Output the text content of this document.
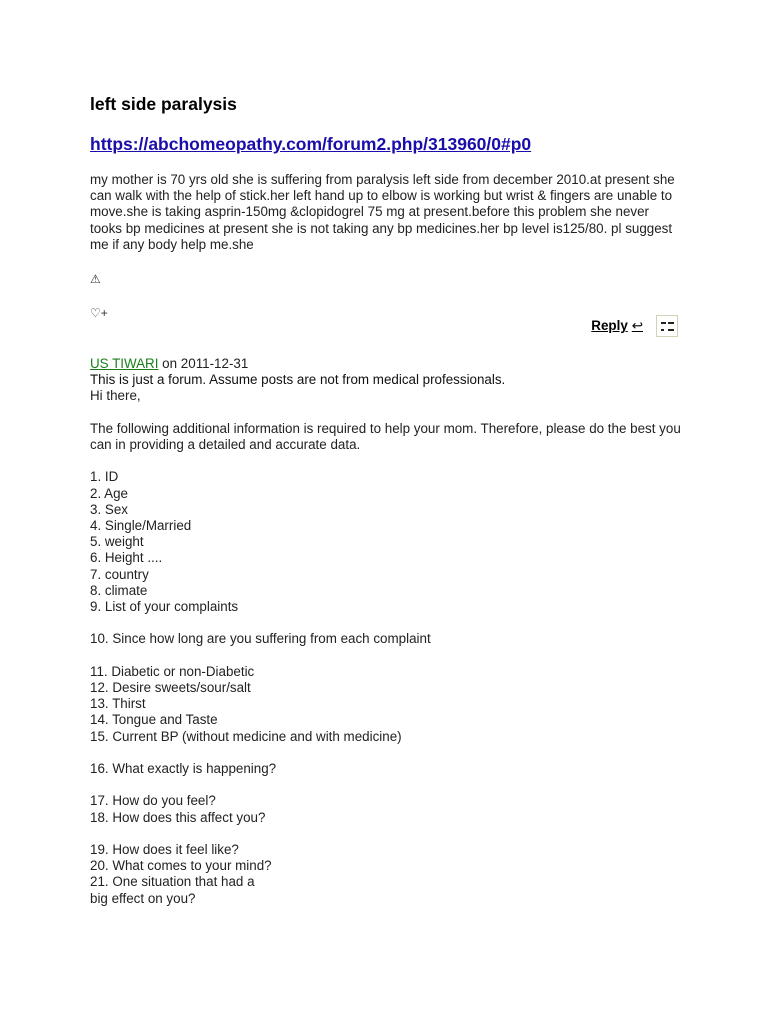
left side paralysis
https://abchomeopathy.com/forum2.php/313960/0#p0
my mother is 70 yrs old she is suffering from paralysis left side from december 2010.at present she can walk with the help of stick.her left hand up to elbow is working but wrist & fingers are unable to move.she is taking asprin-150mg &clopidogrel 75 mg at present.before this problem she never tooks bp medicines at present she is not taking any bp medicines.her bp level is125/80. pl suggest me if any body help me.she
⚠
♡+
Reply ↩
US TIWARI on 2011-12-31
This is just a forum. Assume posts are not from medical professionals.
Hi there,
The following additional information is required to help your mom. Therefore, please do the best you can in providing a detailed and accurate data.
1. ID
2. Age
3. Sex
4. Single/Married
5. weight
6. Height ....
7. country
8. climate
9. List of your complaints
10. Since how long are you suffering from each complaint
11. Diabetic or non-Diabetic
12. Desire sweets/sour/salt
13. Thirst
14. Tongue and Taste
15. Current BP (without medicine and with medicine)
16. What exactly is happening?
17. How do you feel?
18. How does this affect you?
19. How does it feel like?
20. What comes to your mind?
21. One situation that had a
big effect on you?
